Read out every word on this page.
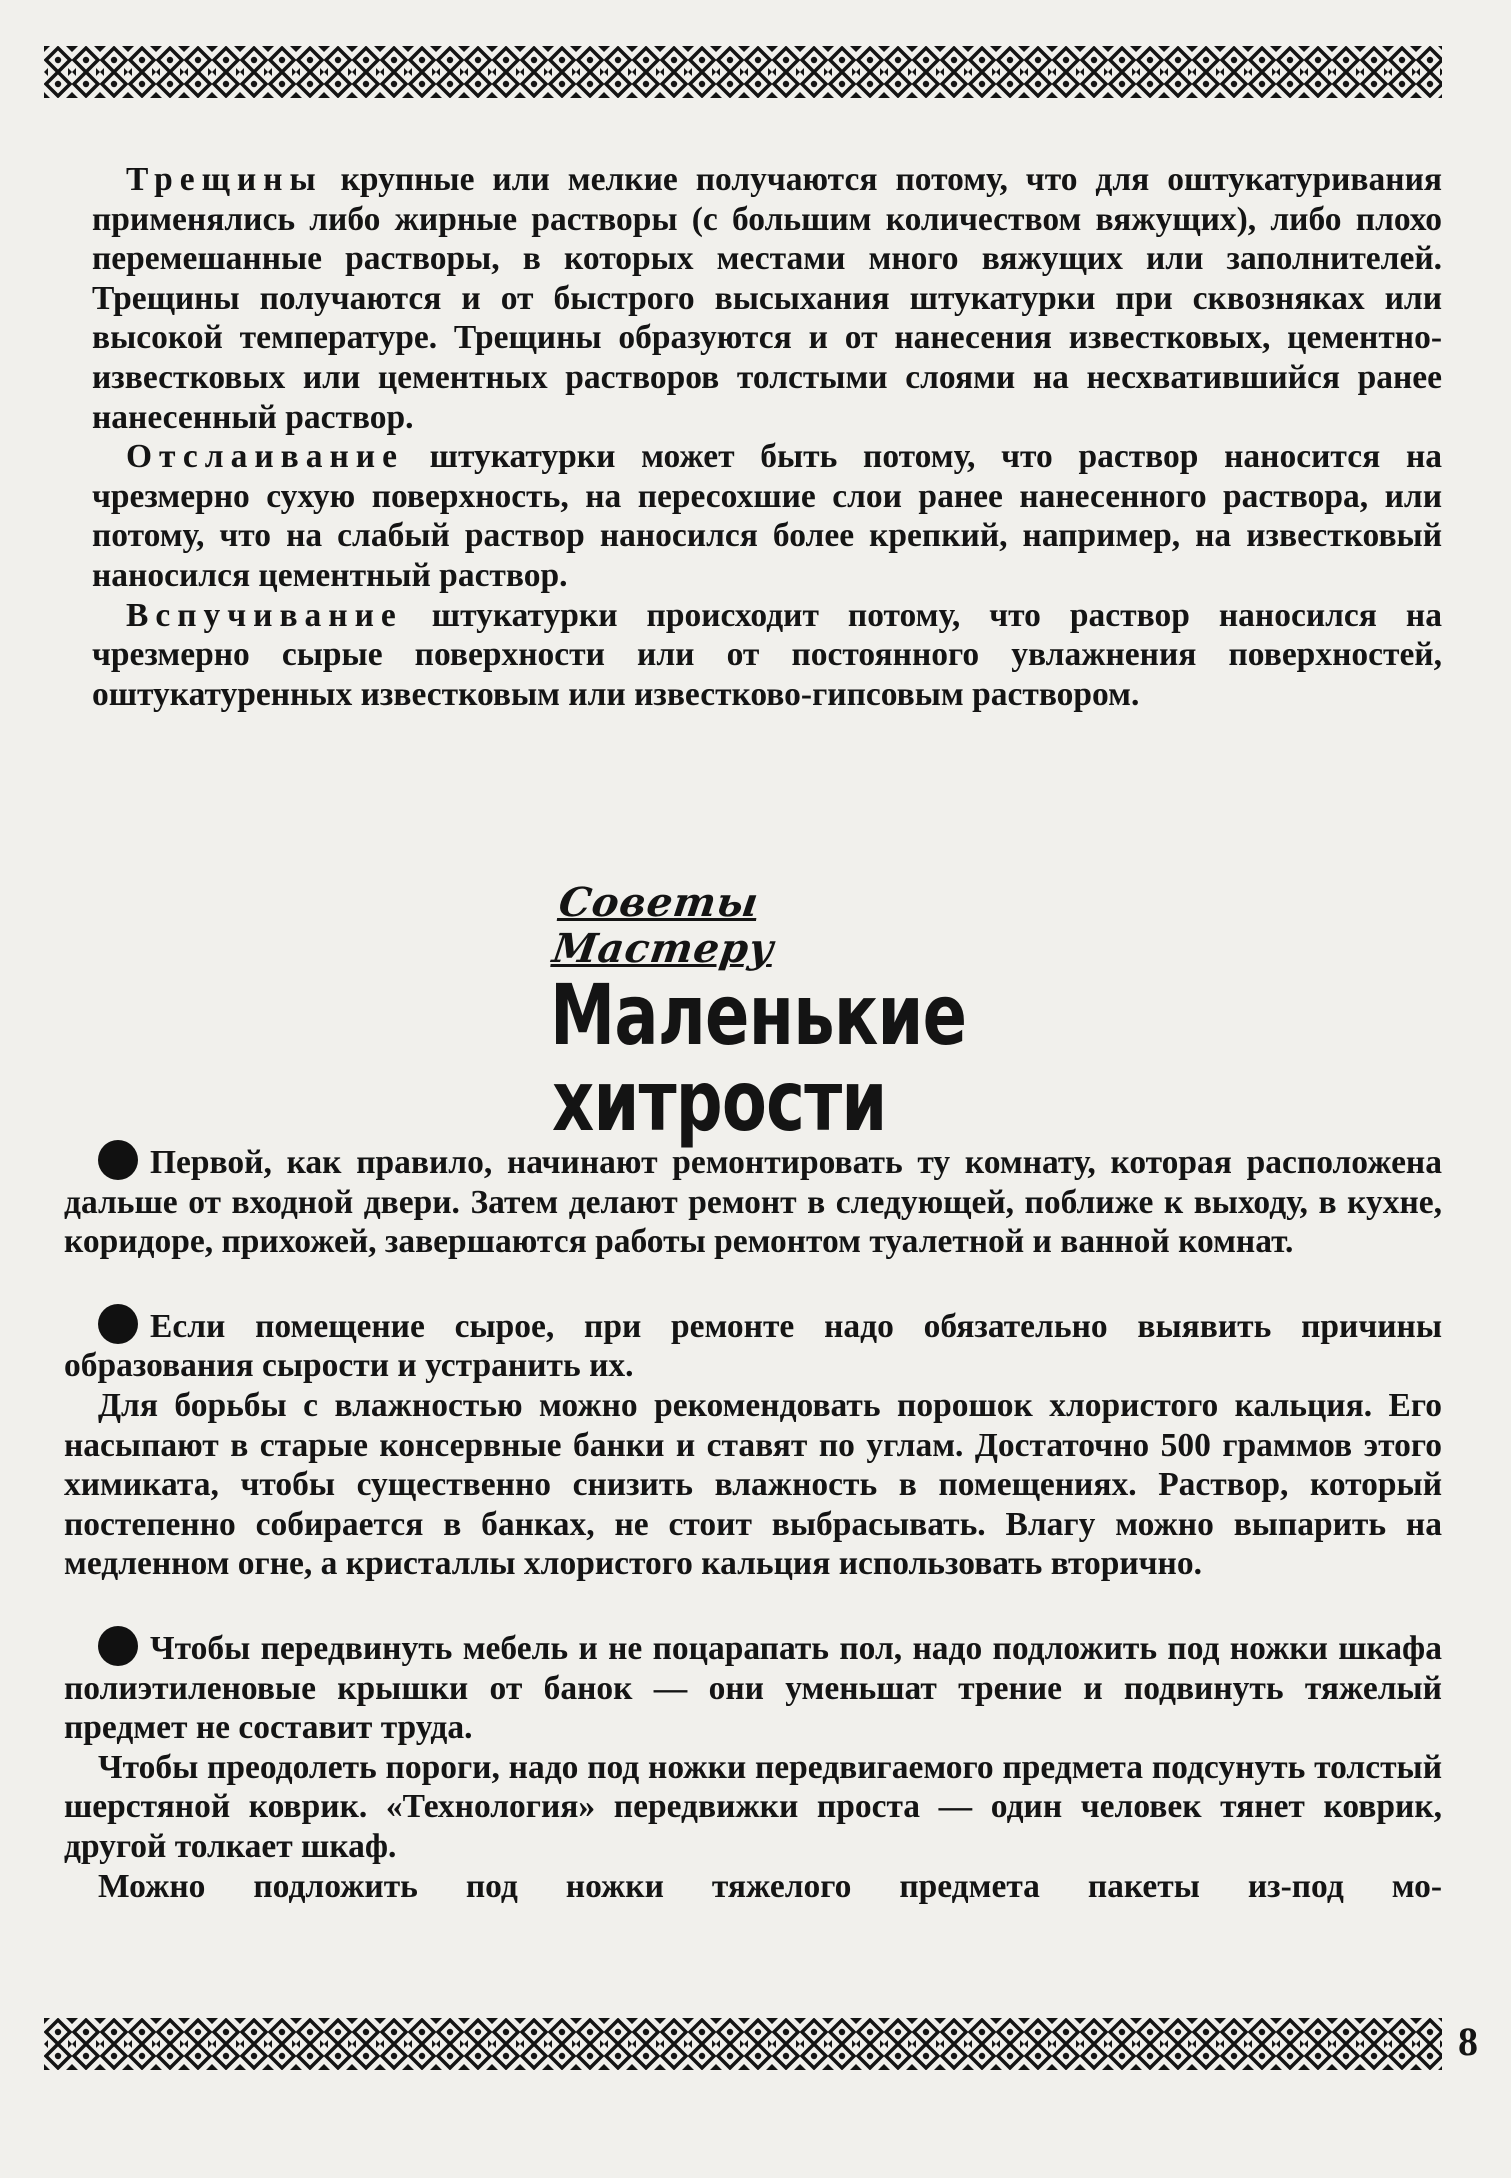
Трещины крупные или мелкие получаются потому, что для оштукатуривания применялись либо жирные растворы (с большим количеством вяжущих), либо плохо перемешанные растворы, в которых местами много вяжущих или заполнителей. Трещины получаются и от быстрого высыхания штукатурки при сквозняках или высокой температуре. Трещины образуются и от нанесения известковых, цементно-известковых или цементных растворов толстыми слоями на несхватившийся ранее нанесенный раствор.

Отслаивание штукатурки может быть потому, что раствор наносится на чрезмерно сухую поверхность, на пересохшие слои ранее нанесенного раствора, или потому, что на слабый раствор наносился более крепкий, например, на известковый наносился цементный раствор.

Вспучивание штукатурки происходит потому, что раствор наносился на чрезмерно сырые поверхности или от постоянного увлажнения поверхностей, оштукатуренных известковым или известково-гипсовым раствором.

Советы Мастеру
Маленькие
хитрости

Первой, как правило, начинают ремонтировать ту комнату, которая расположена дальше от входной двери. Затем делают ремонт в следующей, поближе к выходу, в кухне, коридоре, прихожей, завершаются работы ремонтом туалетной и ванной комнат.

Если помещение сырое, при ремонте надо обязательно выявить причины образования сырости и устранить их.

Для борьбы с влажностью можно рекомендовать порошок хлористого кальция. Его насыпают в старые консервные банки и ставят по углам. Достаточно 500 граммов этого химиката, чтобы существенно снизить влажность в помещениях. Раствор, который постепенно собирается в банках, не стоит выбрасывать. Влагу можно выпарить на медленном огне, а кристаллы хлористого кальция использовать вторично.

Чтобы передвинуть мебель и не поцарапать пол, надо подложить под ножки шкафа полиэтиленовые крышки от банок — они уменьшат трение и подвинуть тяжелый предмет не составит труда.

Чтобы преодолеть пороги, надо под ножки передвигаемого предмета подсунуть толстый шерстяной коврик. «Технология» передвижки проста — один человек тянет коврик, другой толкает шкаф.

Можно подложить под ножки тяжелого предмета пакеты из-под мо-

8
